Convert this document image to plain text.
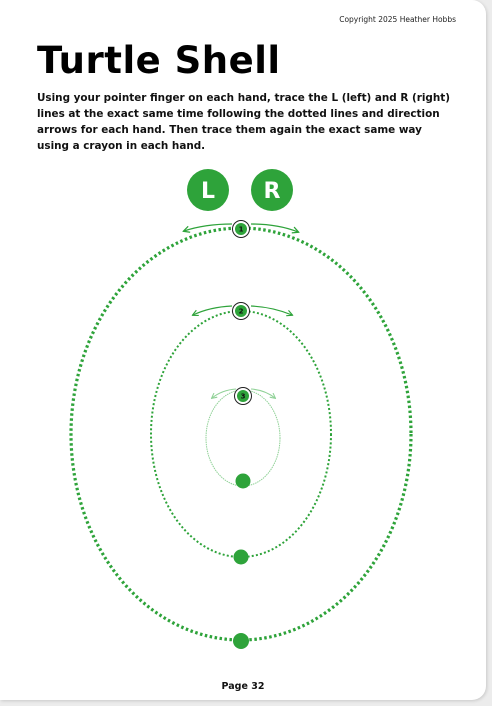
Copyright 2025 Heather Hobbs
Turtle Shell

Using your pointer finger on each hand, trace the L (left) and R (right) lines at the exact same time following the dotted lines and direction arrows for each hand. Then trace them again the exact same way using a crayon in each hand.

L R
1
2
3
Page 32
